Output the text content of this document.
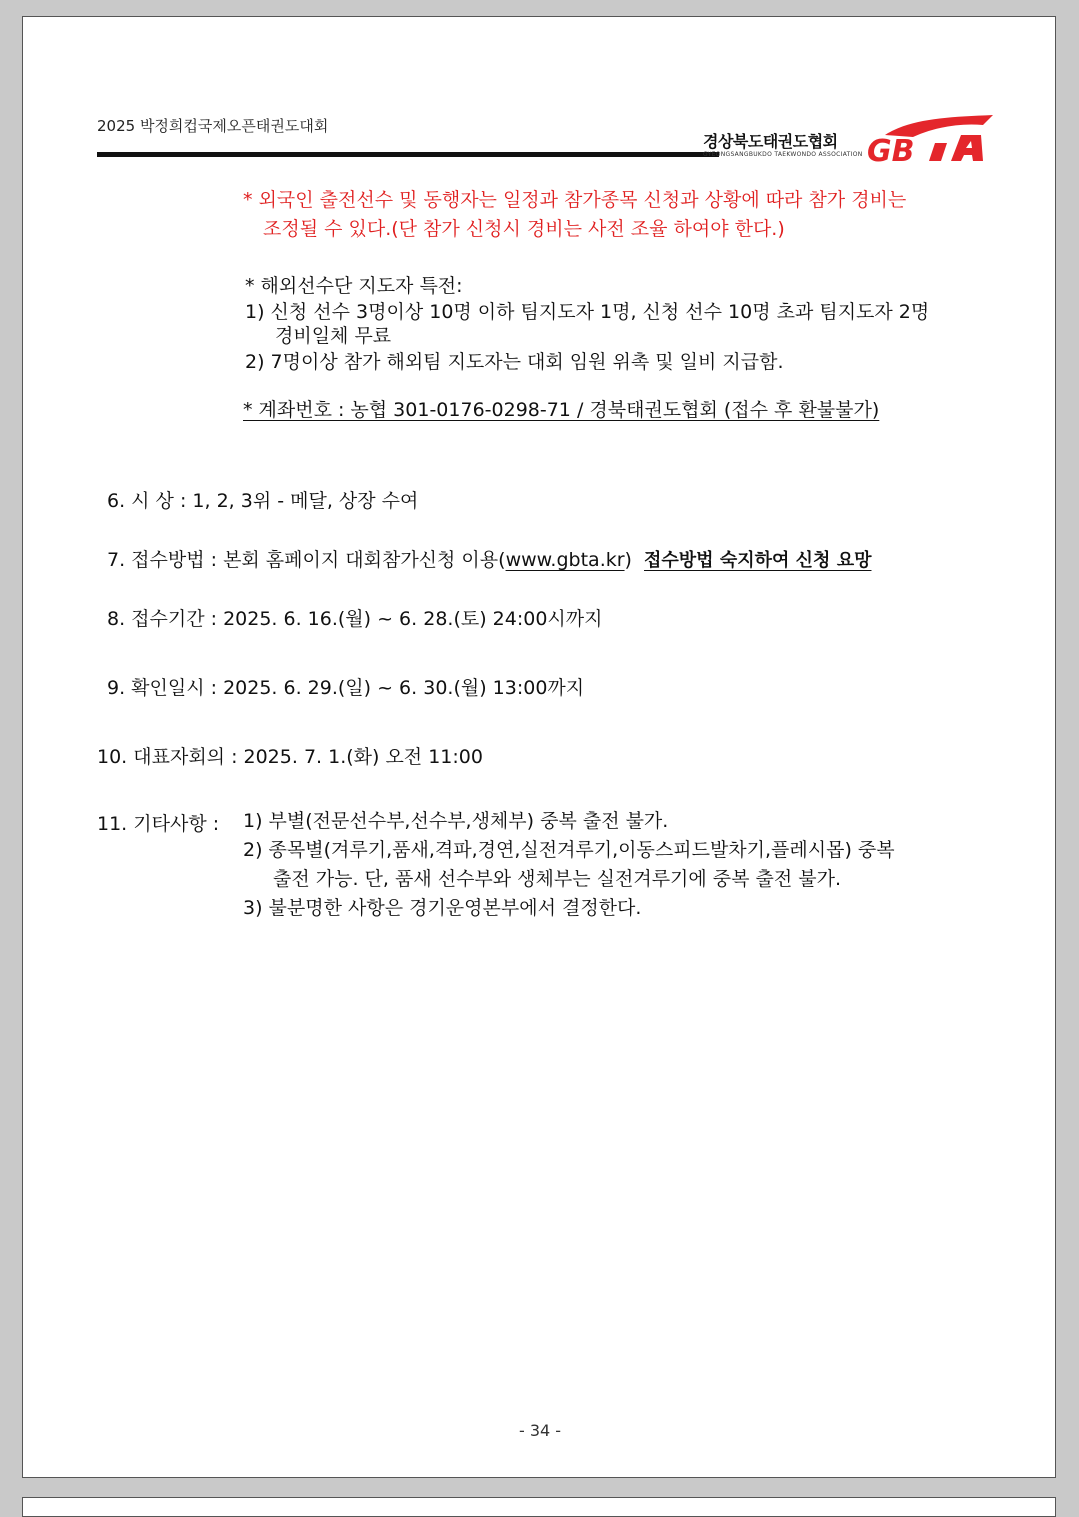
2025 박정희컵국제오픈태권도대회
경상북도태권도협회
GYEONGSANGBUKDO TAEKWONDO ASSOCIATION GB
* 외국인 출전선수 및 동행자는 일정과 참가종목 신청과 상황에 따라 참가 경비는
조정될 수 있다.(단 참가 신청시 경비는 사전 조율 하여야 한다.)
* 해외선수단 지도자 특전:
1) 신청 선수 3명이상 10명 이하 팀지도자 1명, 신청 선수 10명 초과 팀지도자 2명
경비일체 무료
2) 7명이상 참가 해외팀 지도자는 대회 임원 위촉 및 일비 지급함.
* 계좌번호 : 농협 301-0176-0298-71 / 경북태권도협회 (접수 후 환불불가)
6. 시 상 : 1, 2, 3위 - 메달, 상장 수여
7. 접수방법 : 본회 홈페이지 대회참가신청 이용(www.gbta.kr) 접수방법 숙지하여 신청 요망
8. 접수기간 : 2025. 6. 16.(월) ~ 6. 28.(토) 24:00시까지
9. 확인일시 : 2025. 6. 29.(일) ~ 6. 30.(월) 13:00까지
10. 대표자회의 : 2025. 7. 1.(화) 오전 11:00
11. 기타사항 : 1) 부별(전문선수부,선수부,생체부) 중복 출전 불가.
2) 종목별(겨루기,품새,격파,경연,실전겨루기,이동스피드발차기,플레시몹) 중복
출전 가능. 단, 품새 선수부와 생체부는 실전겨루기에 중복 출전 불가.
3) 불분명한 사항은 경기운영본부에서 결정한다.
- 34 -
